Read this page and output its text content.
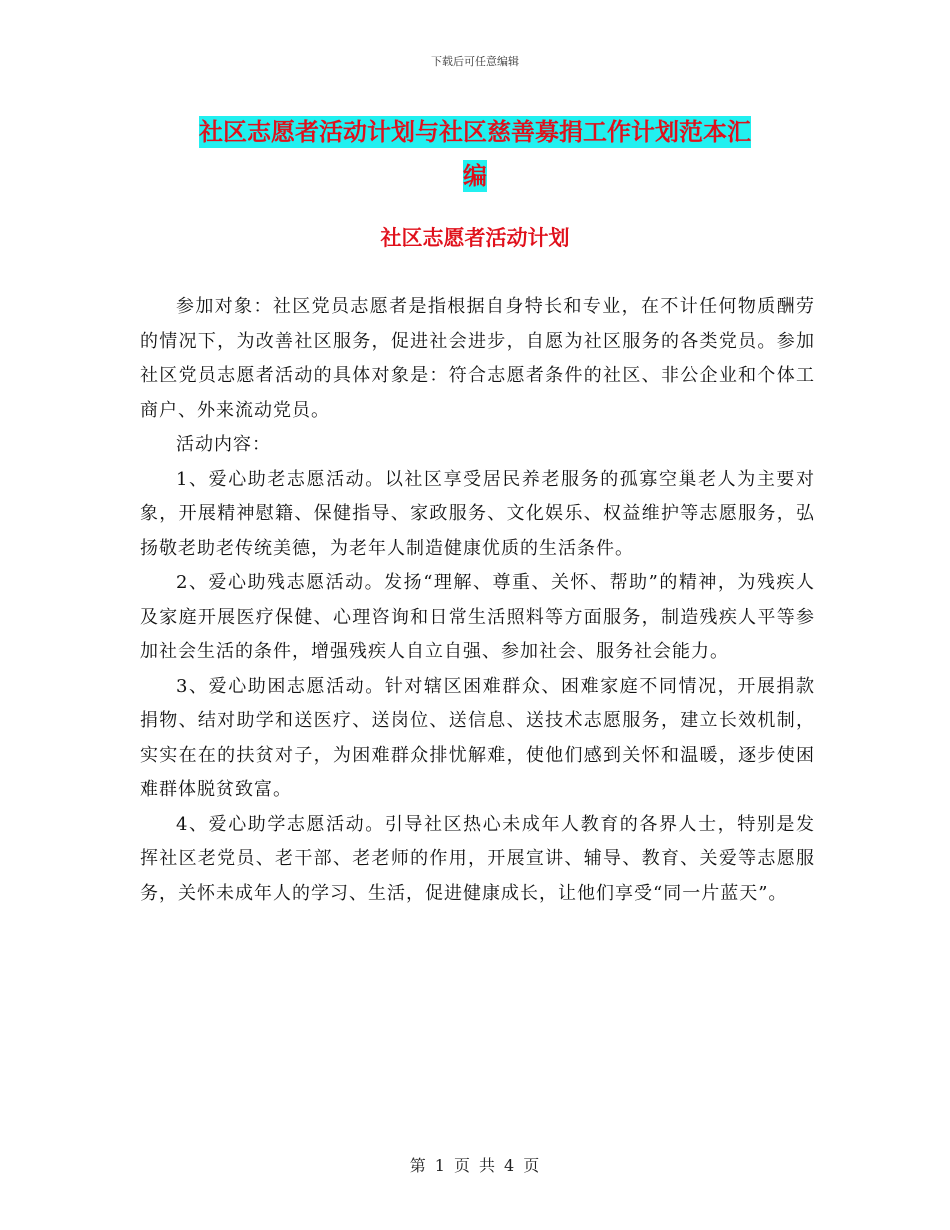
下载后可任意编辑
社区志愿者活动计划与社区慈善募捐工作计划范本汇
编
社区志愿者活动计划

参加对象：社区党员志愿者是指根据自身特长和专业，在不计任何物质酬劳的情况下，为改善社区服务，促进社会进步，自愿为社区服务的各类党员。参加社区党员志愿者活动的具体对象是：符合志愿者条件的社区、非公企业和个体工商户、外来流动党员。

活动内容：

1、爱心助老志愿活动。以社区享受居民养老服务的孤寡空巢老人为主要对象，开展精神慰籍、保健指导、家政服务、文化娱乐、权益维护等志愿服务，弘扬敬老助老传统美德，为老年人制造健康优质的生活条件。

2、爱心助残志愿活动。发扬“理解、尊重、关怀、帮助”的精神，为残疾人及家庭开展医疗保健、心理咨询和日常生活照料等方面服务，制造残疾人平等参加社会生活的条件，增强残疾人自立自强、参加社会、服务社会能力。

3、爱心助困志愿活动。针对辖区困难群众、困难家庭不同情况，开展捐款捐物、结对助学和送医疗、送岗位、送信息、送技术志愿服务，建立长效机制，实实在在的扶贫对子，为困难群众排忧解难，使他们感到关怀和温暖，逐步使困难群体脱贫致富。

4、爱心助学志愿活动。引导社区热心未成年人教育的各界人士，特别是发挥社区老党员、老干部、老老师的作用，开展宣讲、辅导、教育、关爱等志愿服务，关怀未成年人的学习、生活，促进健康成长，让他们享受“同一片蓝天”。

第 1 页 共 4 页
